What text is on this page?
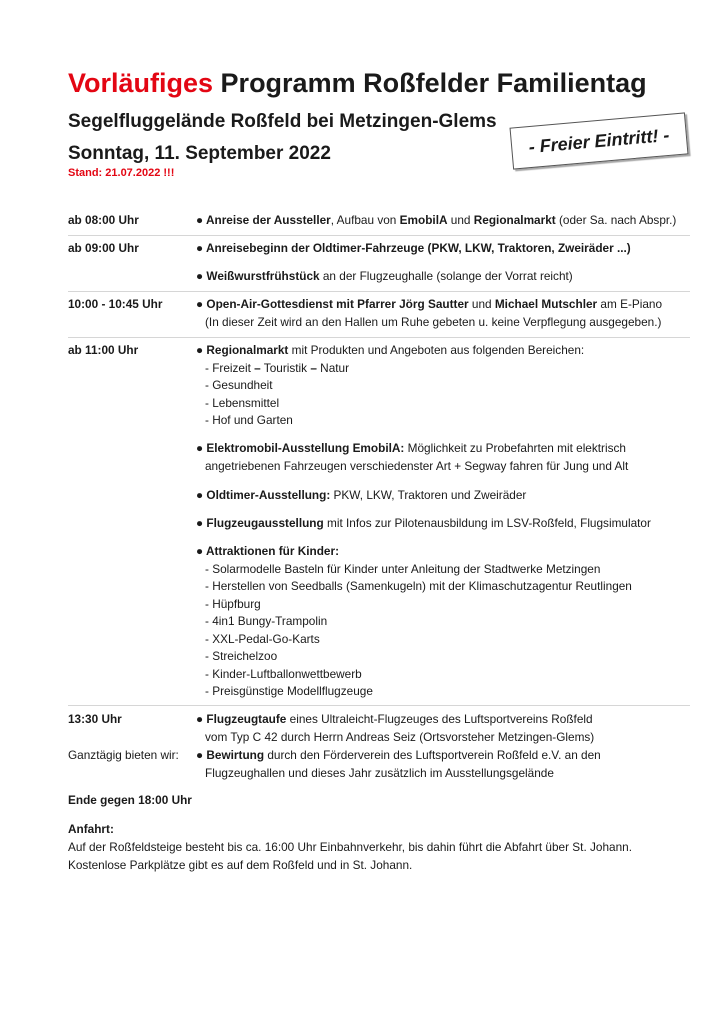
Vorläufiges Programm Roßfelder Familientag
Segelfluggelände Roßfeld bei Metzingen-Glems
Sonntag, 11. September 2022
Stand: 21.07.2022 !!!
- Freier Eintritt! -
ab 08:00 Uhr	● Anreise der Aussteller, Aufbau von EmobilA und Regionalmarkt (oder Sa. nach Abspr.)
ab 09:00 Uhr	● Anreisebeginn der Oldtimer-Fahrzeuge (PKW, LKW, Traktoren, Zweiräder ...)
● Weißwurstfrühstück an der Flugzeughalle (solange der Vorrat reicht)
10:00 - 10:45 Uhr	● Open-Air-Gottesdienst mit Pfarrer Jörg Sautter und Michael Mutschler am E-Piano
(In dieser Zeit wird an den Hallen um Ruhe gebeten u. keine Verpflegung ausgegeben.)
ab 11:00 Uhr	● Regionalmarkt mit Produkten und Angeboten aus folgenden Bereichen:
- Freizeit – Touristik – Natur
- Gesundheit
- Lebensmittel
- Hof und Garten
● Elektromobil-Ausstellung EmobilA: Möglichkeit zu Probefahrten mit elektrisch
angetriebenen Fahrzeugen verschiedenster Art + Segway fahren für Jung und Alt
● Oldtimer-Ausstellung: PKW, LKW, Traktoren und Zweiräder
● Flugzeugausstellung mit Infos zur Pilotenausbildung im LSV-Roßfeld, Flugsimulator
● Attraktionen für Kinder:
- Solarmodelle Basteln für Kinder unter Anleitung der Stadtwerke Metzingen
- Herstellen von Seedballs (Samenkugeln) mit der Klimaschutzagentur Reutlingen
- Hüpfburg
- 4in1 Bungy-Trampolin
- XXL-Pedal-Go-Karts
- Streichelzoo
- Kinder-Luftballonwettbewerb
- Preisgünstige Modellflugzeuge
13:30 Uhr	● Flugzeugtaufe eines Ultraleicht-Flugzeuges des Luftsportvereins Roßfeld
vom Typ C 42 durch Herrn Andreas Seiz (Ortsvorsteher Metzingen-Glems)
Ganztägig bieten wir: ● Bewirtung durch den Förderverein des Luftsportverein Roßfeld e.V. an den
Flugzeughallen und dieses Jahr zusätzlich im Ausstellungsgelände
Ende gegen 18:00 Uhr
Anfahrt:
Auf der Roßfeldsteige besteht bis ca. 16:00 Uhr Einbahnverkehr, bis dahin führt die Abfahrt über St. Johann.
Kostenlose Parkplätze gibt es auf dem Roßfeld und in St. Johann.
